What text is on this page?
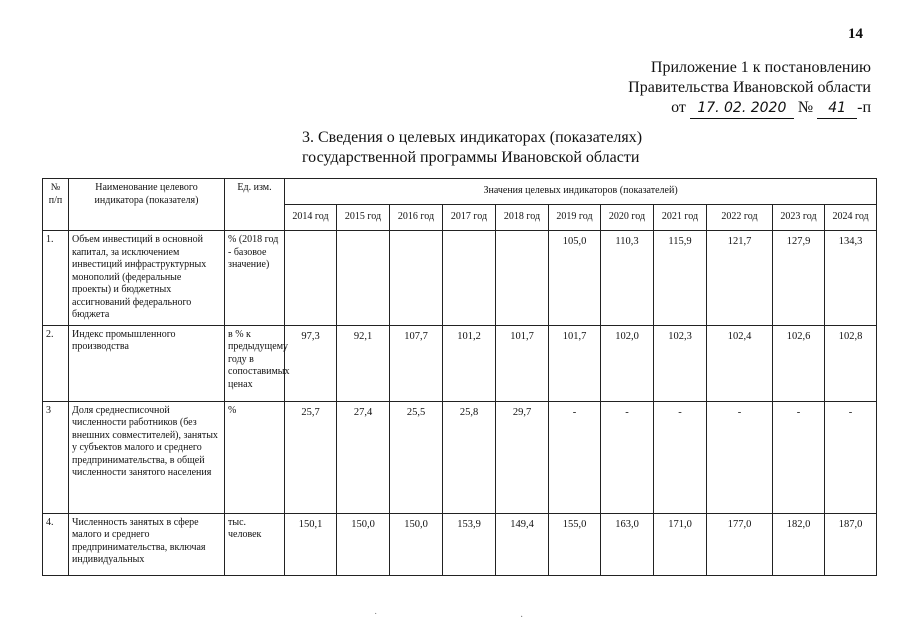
14
Приложение 1 к постановлению
Правительства Ивановской области
от 17. 02. 2020 № 41 -п
3. Сведения о целевых индикаторах (показателях)
государственной программы Ивановской области
№ п/п	Наименование целевого индикатора (показателя)	Ед. изм.	Значения целевых индикаторов (показателей)										
			2014 год	2015 год	2016 год	2017 год	2018 год	2019 год	2020 год	2021 год	2022 год	2023 год	2024 год
1.	Объем инвестиций в основной капитал, за исключением инвестиций инфраструктурных монополий (федеральные проекты) и бюджетных ассигнований федерального бюджета	% (2018 год - базовое значение)						105,0	110,3	115,9	121,7	127,9	134,3
2.	Индекс промышленного производства	в % к предыдущему году в сопоставимых ценах	97,3	92,1	107,7	101,2	101,7	101,7	102,0	102,3	102,4	102,6	102,8
3	Доля среднесписочной численности работников (без внешних совместителей), занятых у субъектов малого и среднего предпринимательства, в общей численности занятого населения	%	25,7	27,4	25,5	25,8	29,7	-	-	-	-	-	-
4.	Численность занятых в сфере малого и среднего предпринимательства, включая индивидуальных	тыс. человек	150,1	150,0	150,0	153,9	149,4	155,0	163,0	171,0	177,0	182,0	187,0
˙	·
